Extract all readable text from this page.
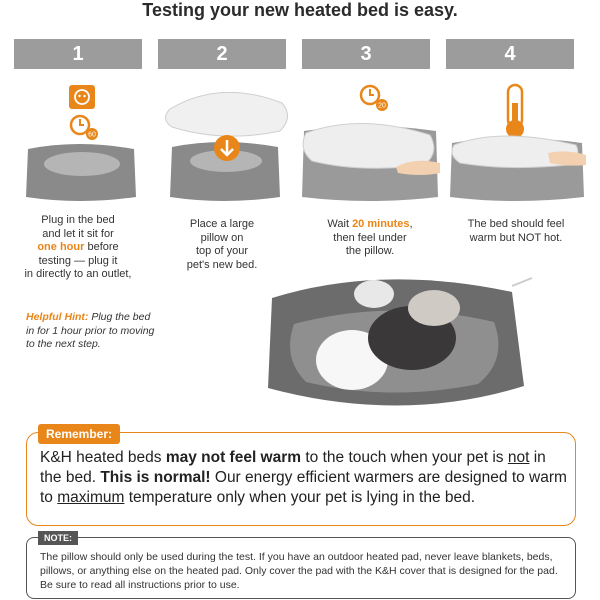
Testing your new heated bed is easy.
1	2	3	4
60
20
Plug in the bed
and let it sit for
one hour before
testing — plug it
in directly to an outlet,
Place a large
pillow on
top of your
pet's new bed.
Wait 20 minutes,
then feel under
the pillow.
The bed should feel
warm but NOT hot.
Helpful Hint: Plug the bed in for 1 hour prior to moving to the next step.
Remember:
K&H heated beds may not feel warm to the touch when your pet is not in the bed. This is normal! Our energy efficient warmers are designed to warm to maximum temperature only when your pet is lying in the bed.
NOTE:
The pillow should only be used during the test. If you have an outdoor heated pad, never leave blankets, beds, pillows, or anything else on the heated pad. Only cover the pad with the K&H cover that is designed for the pad. Be sure to read all instructions prior to use.
